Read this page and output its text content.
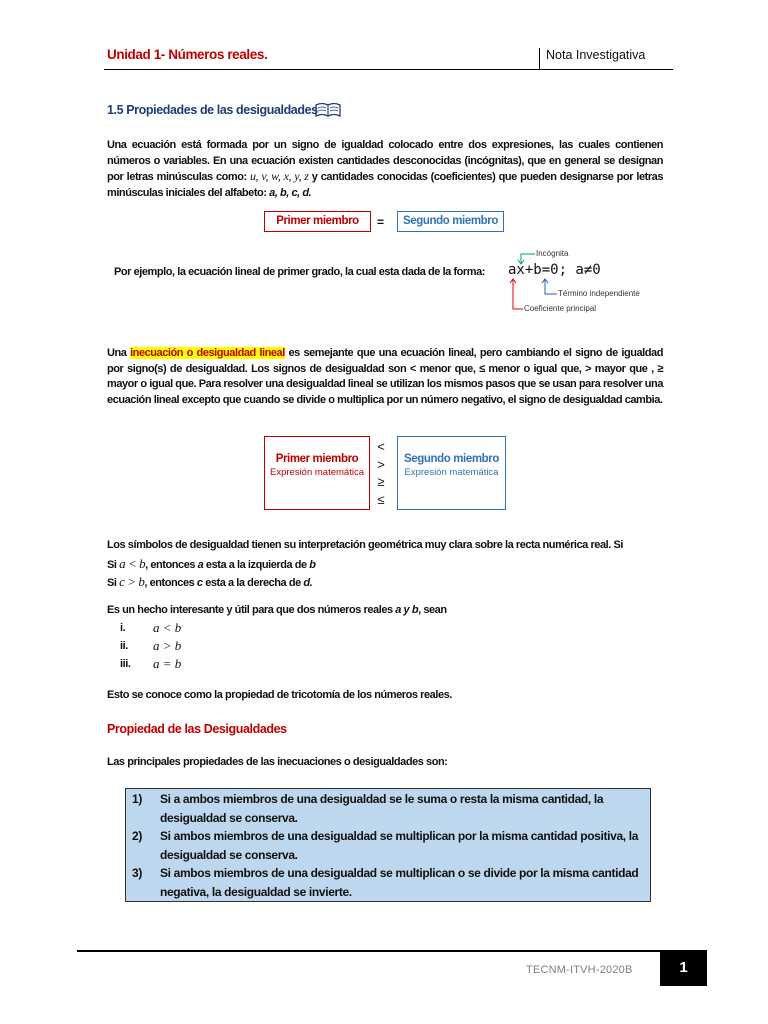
Unidad 1- Números reales.	Nota Investigativa
1.5 Propiedades de las desigualdades
Una ecuación está formada por un signo de igualdad colocado entre dos expresiones, las cuales contienen números o variables. En una ecuación existen cantidades desconocidas (incógnitas), que en general se designan por letras minúsculas como: u, v, w, x, y, z y cantidades conocidas (coeficientes) que pueden designarse por letras minúsculas iniciales del alfabeto: a, b, c, d.
Primer miembro	=	Segundo miembro
Por ejemplo, la ecuación lineal de primer grado, la cual esta dada de la forma: ax+b=0; a≠0
Incógnita
Término independiente
Coeficiente principal
Una inecuación o desigualdad lineal es semejante que una ecuación lineal, pero cambiando el signo de igualdad por signo(s) de desigualdad. Los signos de desigualdad son < menor que, ≤ menor o igual que, > mayor que , ≥ mayor o igual que. Para resolver una desigualdad lineal se utilizan los mismos pasos que se usan para resolver una ecuación lineal excepto que cuando se divide o multiplica por un número negativo, el signo de desigualdad cambia.
Primer miembro
Expresión matemática
<
>
≥
≤
Segundo miembro
Expresión matemática
Los símbolos de desigualdad tienen su interpretación geométrica muy clara sobre la recta numérica real. Si
Si a < b, entonces a esta a la izquierda de b
Si c > b, entonces c esta a la derecha de d.
Es un hecho interesante y útil para que dos números reales a y b, sean
i.	a < b
ii.	a > b
iii.	a = b
Esto se conoce como la propiedad de tricotomía de los números reales.
Propiedad de las Desigualdades
Las principales propiedades de las inecuaciones o desigualdades son:
1)	Si a ambos miembros de una desigualdad se le suma o resta la misma cantidad, la desigualdad se conserva.
2)	Si ambos miembros de una desigualdad se multiplican por la misma cantidad positiva, la desigualdad se conserva.
3)	Si ambos miembros de una desigualdad se multiplican o se divide por la misma cantidad negativa, la desigualdad se invierte.
TECNM-ITVH-2020B	1
